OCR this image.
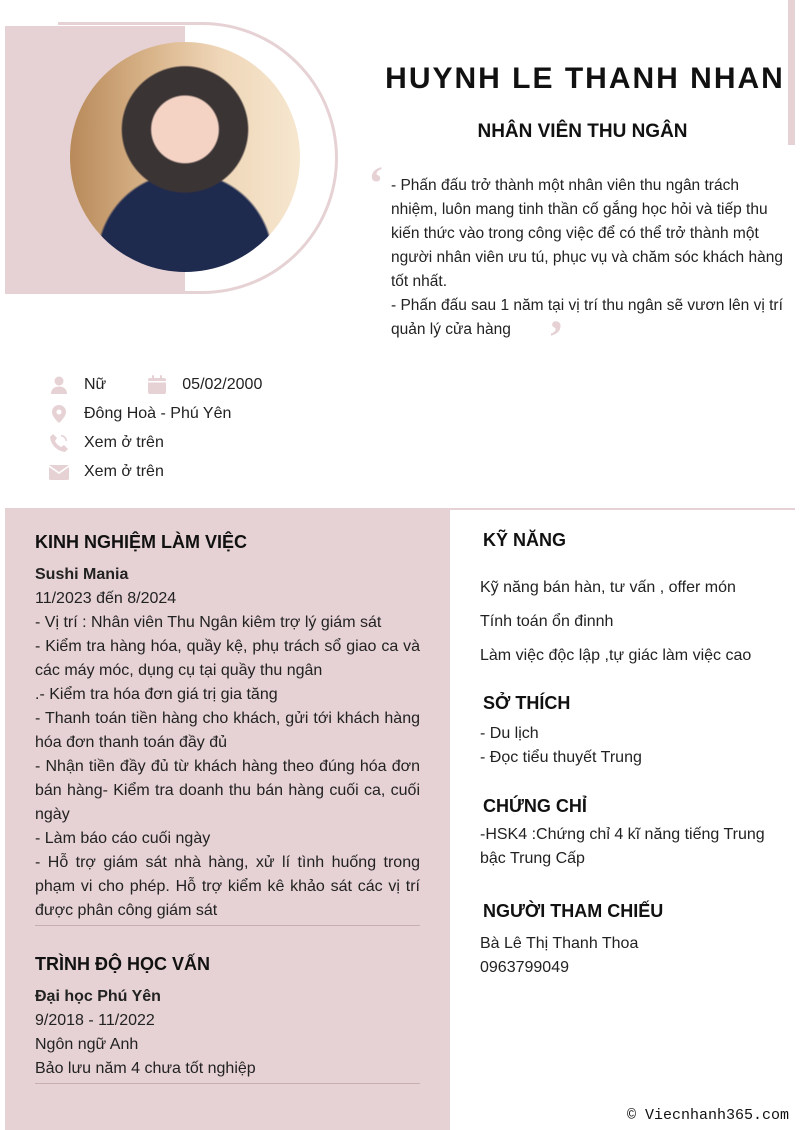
HUYNH LE THANH NHAN
NHÂN VIÊN THU NGÂN
‘ - Phấn đấu trở thành một nhân viên thu ngân trách nhiệm, luôn mang tinh thần cố gắng học hỏi và tiếp thu kiến thức vào trong công việc để có thể trở thành một người nhân viên ưu tú, phục vụ và chăm sóc khách hàng tốt nhất.
- Phấn đấu sau 1 năm tại vị trí thu ngân sẽ vươn lên vị trí quản lý cửa hàng ’
Nữ	05/02/2000
Đông Hoà - Phú Yên
Xem ở trên
Xem ở trên
KINH NGHIỆM LÀM VIỆC
Sushi Mania
11/2023 đến 8/2024
- Vị trí : Nhân viên Thu Ngân kiêm trợ lý giám sát
- Kiểm tra hàng hóa, quầy kệ, phụ trách sổ giao ca và các máy móc, dụng cụ tại quầy thu ngân
.- Kiểm tra hóa đơn giá trị gia tăng
- Thanh toán tiền hàng cho khách, gửi tới khách hàng hóa đơn thanh toán đầy đủ
- Nhận tiền đầy đủ từ khách hàng theo đúng hóa đơn bán hàng- Kiểm tra doanh thu bán hàng cuối ca, cuối ngày
- Làm báo cáo cuối ngày
- Hỗ trợ giám sát nhà hàng, xử lí tình huống trong phạm vi cho phép. Hỗ trợ kiểm kê khảo sát các vị trí được phân công giám sát
TRÌNH ĐỘ HỌC VẤN
Đại học Phú Yên
9/2018 - 11/2022
Ngôn ngữ Anh
Bảo lưu năm 4 chưa tốt nghiệp
KỸ NĂNG
Kỹ năng bán hàn, tư vấn , offer món
Tính toán ổn đinnh
Làm việc độc lập ,tự giác làm việc cao
SỞ THÍCH
- Du lịch
- Đọc tiểu thuyết Trung
CHỨNG CHỈ
-HSK4 :Chứng chỉ 4 kĩ năng tiếng Trung bậc Trung Cấp
NGƯỜI THAM CHIẾU
Bà Lê Thị Thanh Thoa
0963799049
© Viecnhanh365.com
